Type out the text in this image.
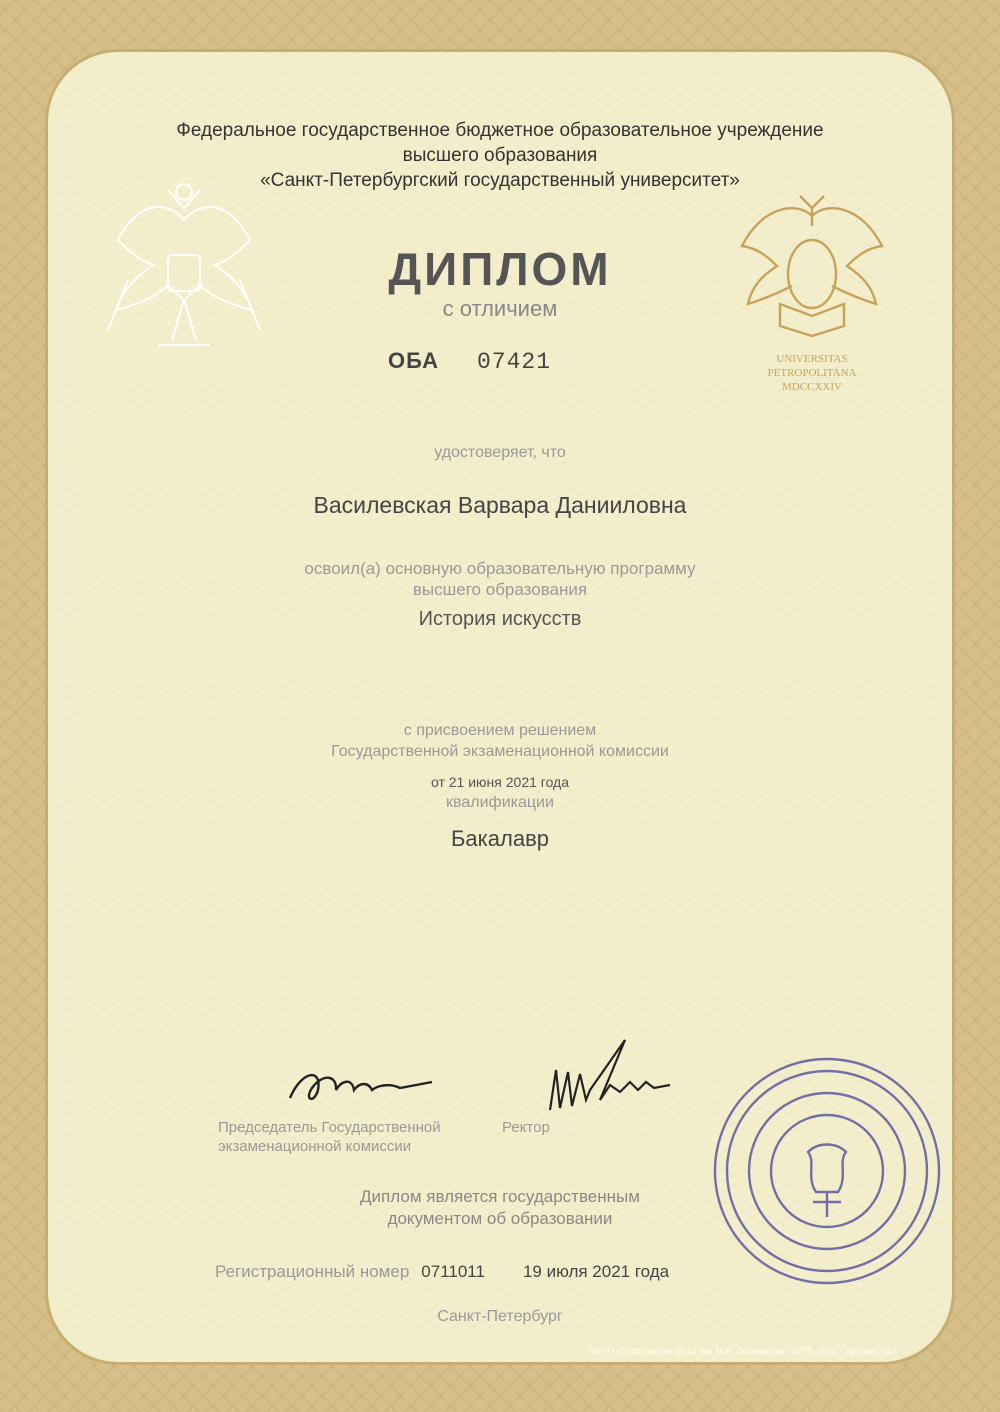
Федеральное государственное бюджетное образовательное учреждение
высшего образования
«Санкт-Петербургский государственный университет»
ДИПЛОМ
с отличием
ОБА 07421	UNIVERSITAS
PETROPOLITANA
MDCCXXIV
удостоверяет, что
Василевская Варвара Данииловна
освоил(а) основную образовательную программу
высшего образования
История искусств
с присвоением решением
Государственной экзаменационной комиссии
от 21 июня 2021 года
квалификации
Бакалавр
Председатель Государственной
экзаменационной комиссии
Ректор
Диплом является государственным
документом об образовании
Регистрационный номер 0711011 19 июля 2021 года
Санкт-Петербург
ФГУП «Типография № 12 им. М.И. Лоханкова» · СПб. 2021 · Уровень «Б»
